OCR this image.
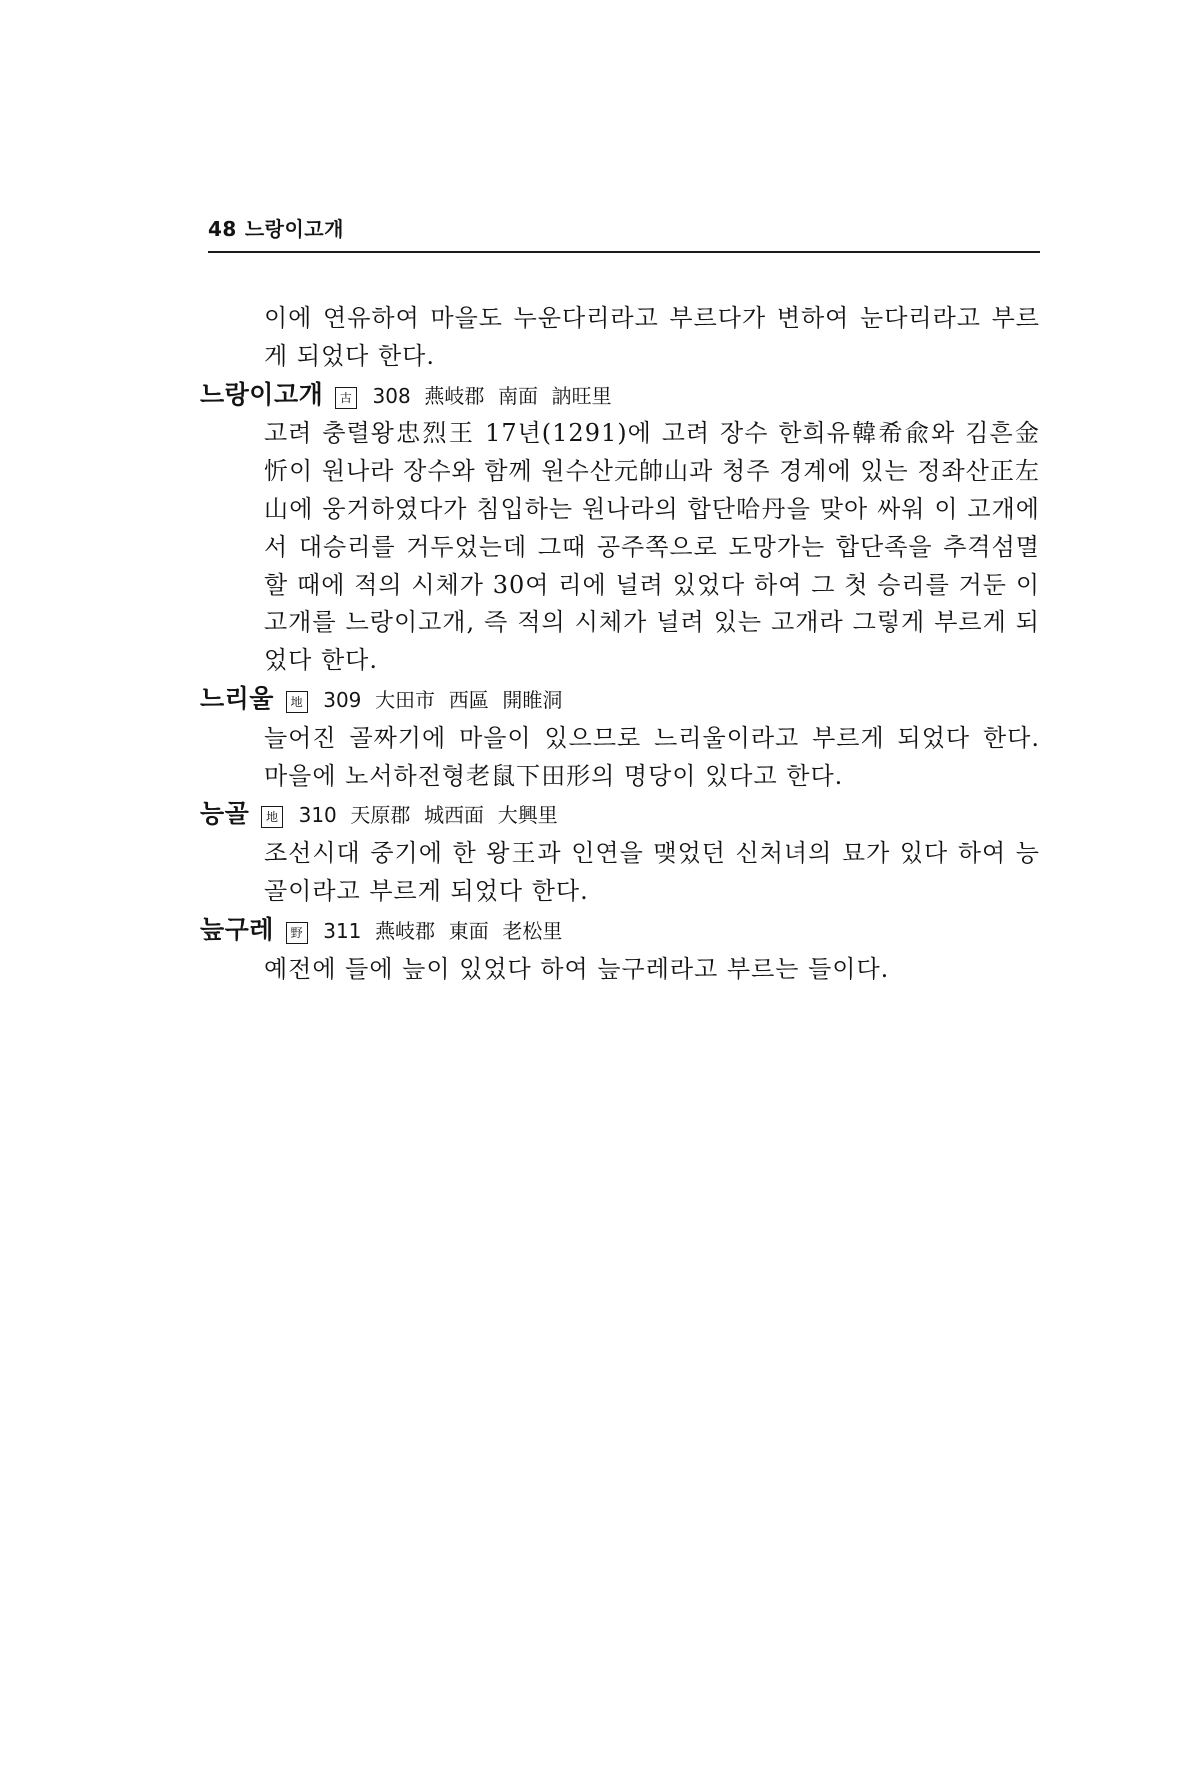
48 느랑이고개

이에 연유하여 마을도 누운다리라고 부르다가 변하여 눈다리라고 부르게 되었다 한다.

느랑이고개 古 308 燕岐郡 南面 訥旺里

고려 충렬왕忠烈王 17년(1291)에 고려 장수 한희유韓希兪와 김흔金忻이 원나라 장수와 함께 원수산元帥山과 청주 경계에 있는 정좌산正左山에 웅거하였다가 침입하는 원나라의 합단哈丹을 맞아 싸워 이 고개에서 대승리를 거두었는데 그때 공주쪽으로 도망가는 합단족을 추격섬멸할 때에 적의 시체가 30여 리에 널려 있었다 하여 그 첫 승리를 거둔 이 고개를 느랑이고개, 즉 적의 시체가 널려 있는 고개라 그렇게 부르게 되었다 한다.

느리울 地 309 大田市 西區 開睢洞

늘어진 골짜기에 마을이 있으므로 느리울이라고 부르게 되었다 한다. 마을에 노서하전형老鼠下田形의 명당이 있다고 한다.

능골 地 310 天原郡 城西面 大興里

조선시대 중기에 한 왕王과 인연을 맺었던 신처녀의 묘가 있다 하여 능골이라고 부르게 되었다 한다.

늪구레 野 311 燕岐郡 東面 老松里

예전에 들에 늪이 있었다 하여 늪구레라고 부르는 들이다.
